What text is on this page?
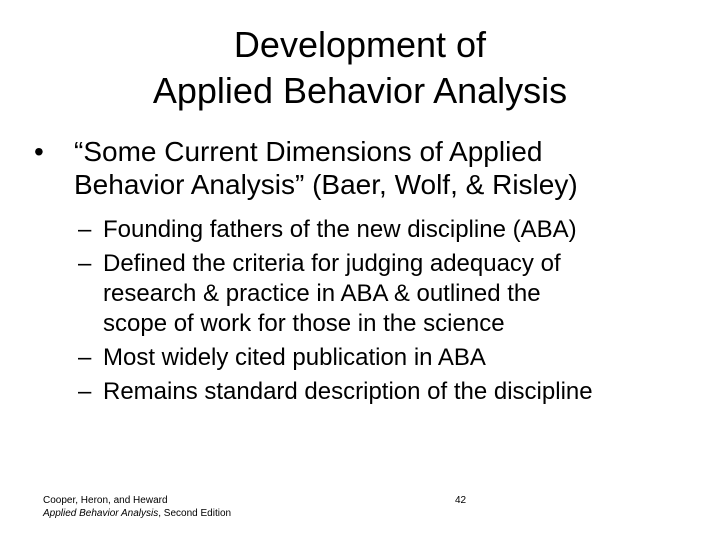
Development of
Applied Behavior Analysis
•	“Some Current Dimensions of Applied
Behavior Analysis” (Baer, Wolf, & Risley)
– Founding fathers of the new discipline (ABA)
– Defined the criteria for judging adequacy of
research & practice in ABA & outlined the
scope of work for those in the science
– Most widely cited publication in ABA
– Remains standard description of the discipline
Cooper, Heron, and Heward
Applied Behavior Analysis, Second Edition
42
